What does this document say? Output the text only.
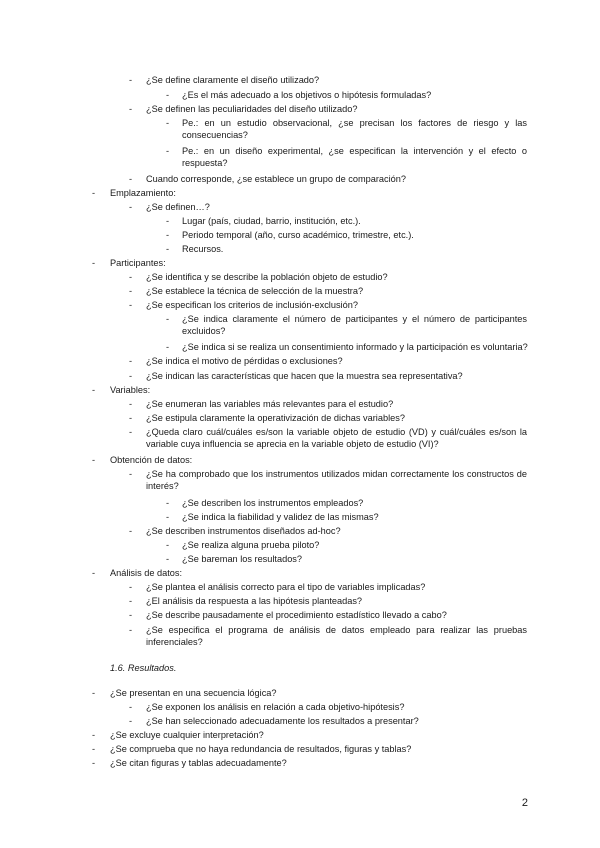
- ¿Se define claramente el diseño utilizado?
- ¿Es el más adecuado a los objetivos o hipótesis formuladas?
- ¿Se definen las peculiaridades del diseño utilizado?
- Pe.: en un estudio observacional, ¿se precisan los factores de riesgo y las consecuencias?
- Pe.: en un diseño experimental, ¿se especifican la intervención y el efecto o respuesta?
- Cuando corresponde, ¿se establece un grupo de comparación?
- Emplazamiento:
- ¿Se definen…?
- Lugar (país, ciudad, barrio, institución, etc.).
- Periodo temporal (año, curso académico, trimestre, etc.).
- Recursos.
- Participantes:
- ¿Se identifica y se describe la población objeto de estudio?
- ¿Se establece la técnica de selección de la muestra?
- ¿Se especifican los criterios de inclusión-exclusión?
- ¿Se indica claramente el número de participantes y el número de participantes excluidos?
- ¿Se indica si se realiza un consentimiento informado y la participación es voluntaria?
- ¿Se indica el motivo de pérdidas o exclusiones?
- ¿Se indican las características que hacen que la muestra sea representativa?
- Variables:
- ¿Se enumeran las variables más relevantes para el estudio?
- ¿Se estipula claramente la operativización de dichas variables?
- ¿Queda claro cuál/cuáles es/son la variable objeto de estudio (VD) y cuál/cuáles es/son la variable cuya influencia se aprecia en la variable objeto de estudio (VI)?
- Obtención de datos:
- ¿Se ha comprobado que los instrumentos utilizados midan correctamente los constructos de interés?
- ¿Se describen los instrumentos empleados?
- ¿Se indica la fiabilidad y validez de las mismas?
- ¿Se describen instrumentos diseñados ad-hoc?
- ¿Se realiza alguna prueba piloto?
- ¿Se bareman los resultados?
- Análisis de datos:
- ¿Se plantea el análisis correcto para el tipo de variables implicadas?
- ¿El análisis da respuesta a las hipótesis planteadas?
- ¿Se describe pausadamente el procedimiento estadístico llevado a cabo?
- ¿Se especifica el programa de análisis de datos empleado para realizar las pruebas inferenciales?
1.6. Resultados.
- ¿Se presentan en una secuencia lógica?
- ¿Se exponen los análisis en relación a cada objetivo-hipótesis?
- ¿Se han seleccionado adecuadamente los resultados a presentar?
- ¿Se excluye cualquier interpretación?
- ¿Se comprueba que no haya redundancia de resultados, figuras y tablas?
- ¿Se citan figuras y tablas adecuadamente?
2
